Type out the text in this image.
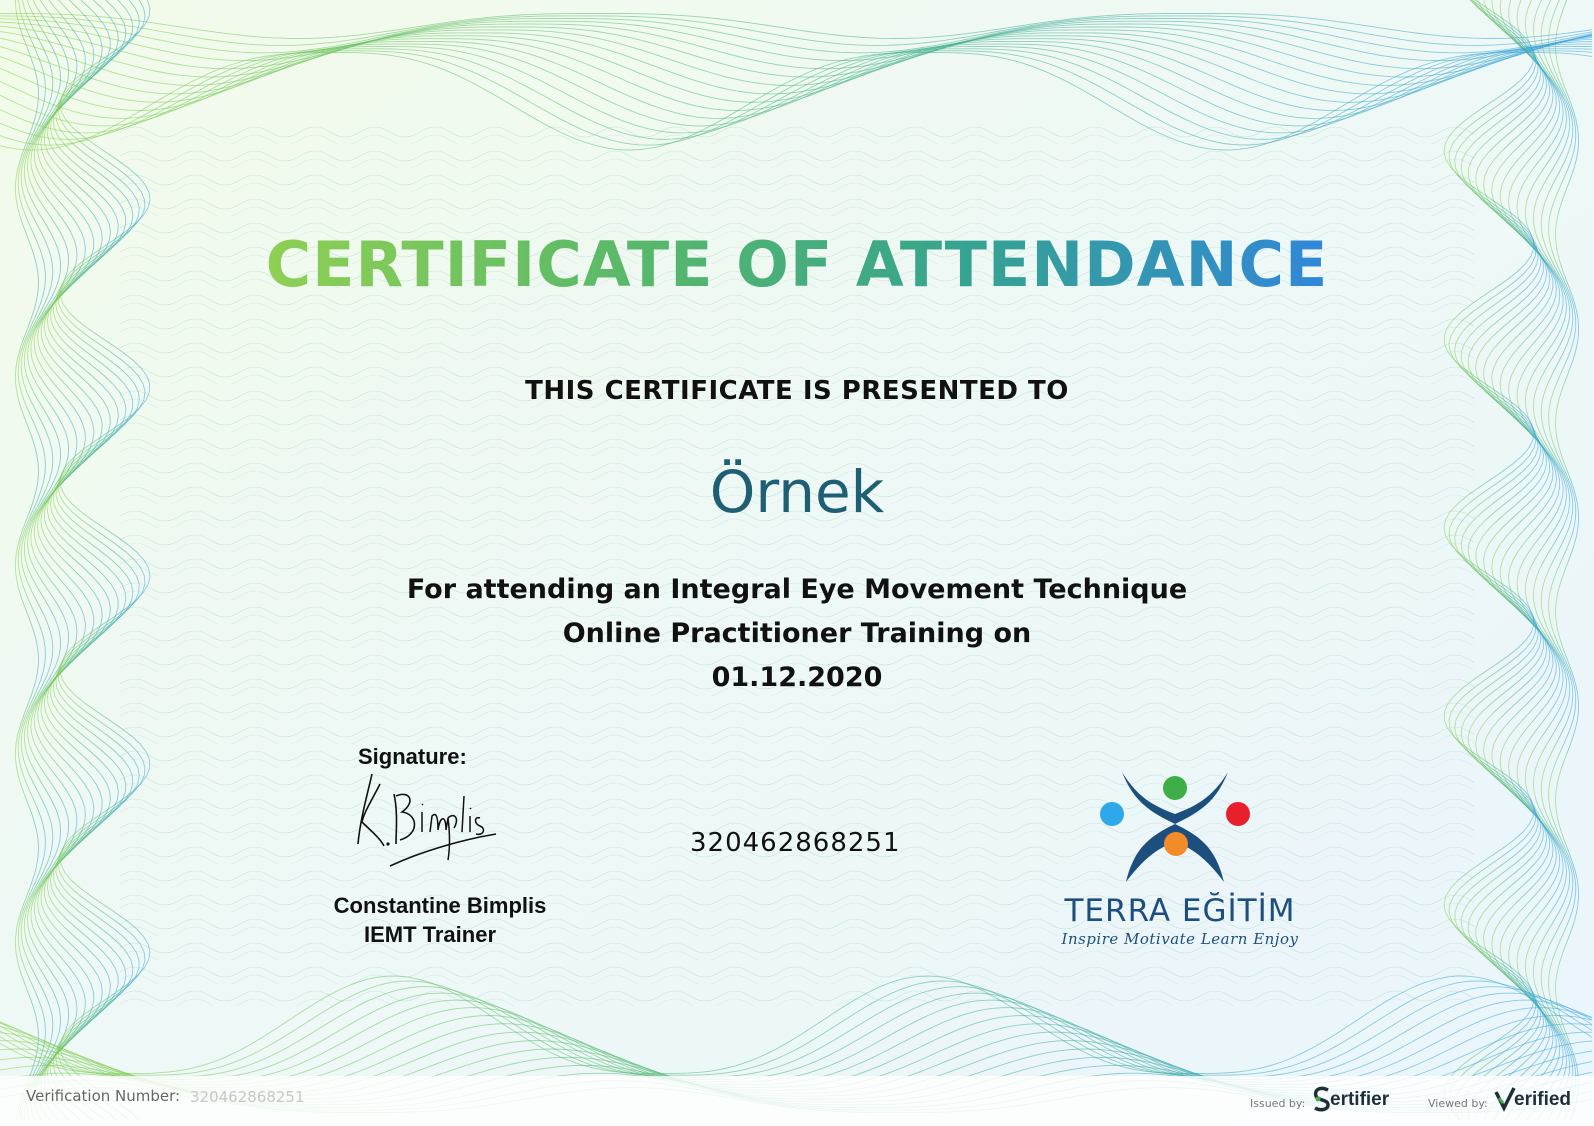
CERTIFICATE OF ATTENDANCE
THIS CERTIFICATE IS PRESENTED TO
Örnek
For attending an Integral Eye Movement Technique
Online Practitioner Training on
01.12.2020
Signature:
Constantine Bimplis
IEMT Trainer
320462868251
TERRA EĞİTİM
Inspire Motivate Learn Enjoy
Verification Number: 320462868251	Issued by: ertifier	Viewed by: erified
